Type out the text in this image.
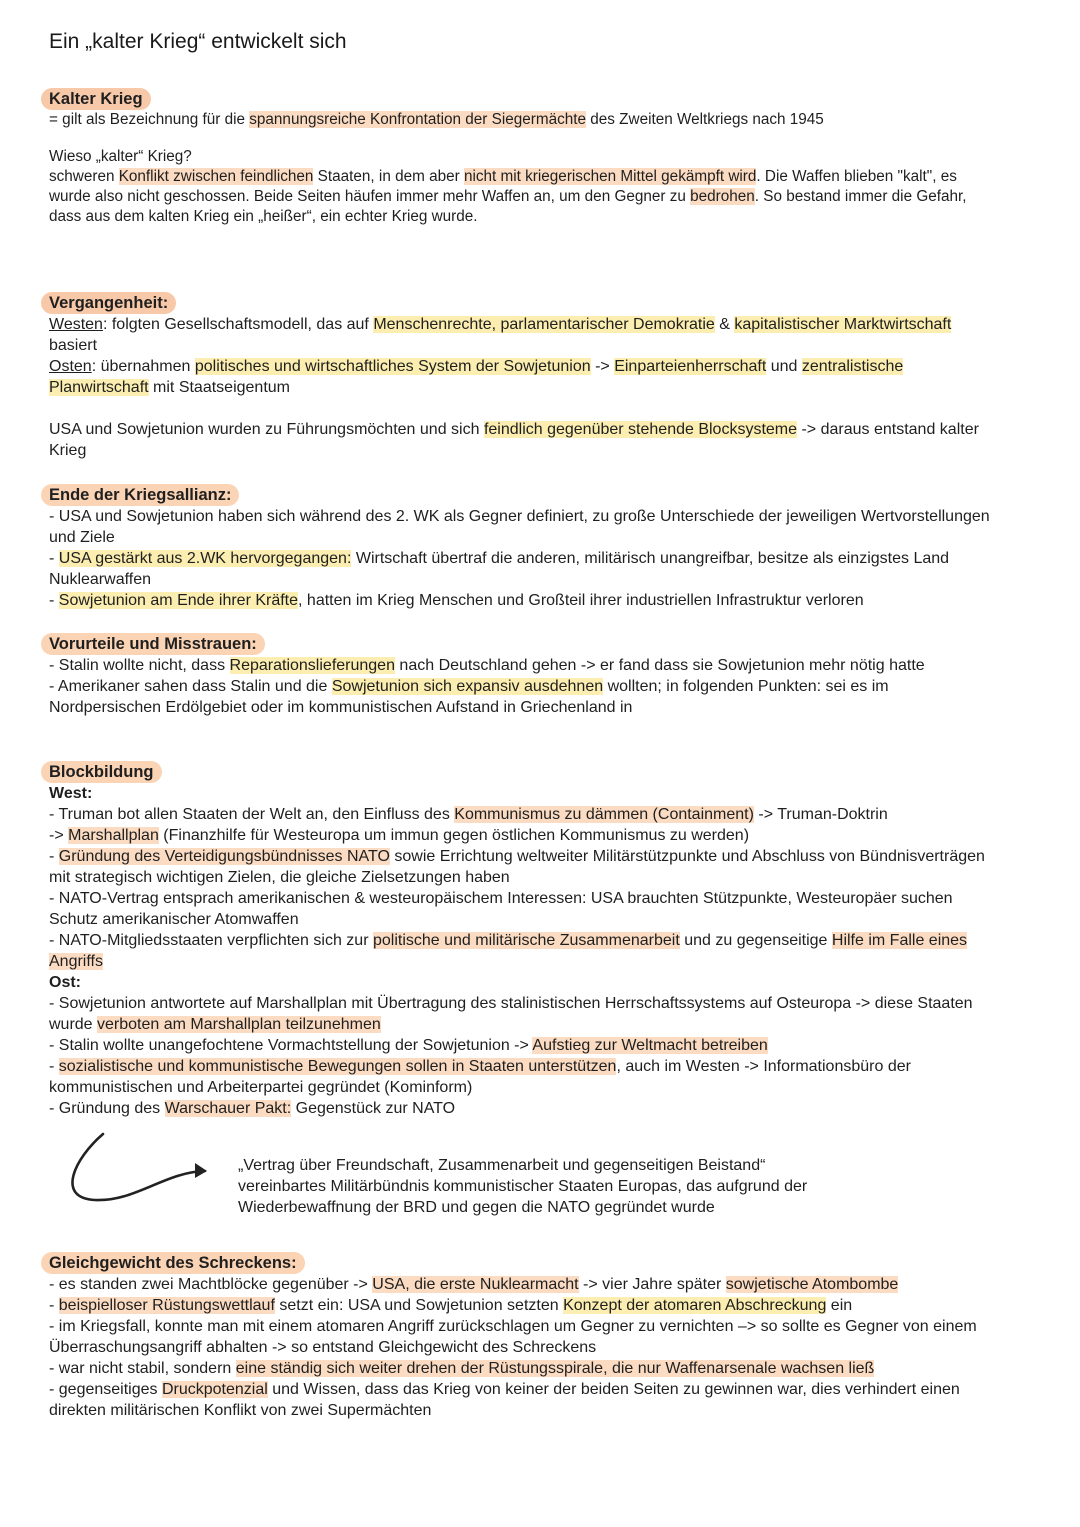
Ein „kalter Krieg“ entwickelt sich
Kalter Krieg

= gilt als Bezeichnung für die spannungsreiche Konfrontation der Siegermächte des Zweiten Weltkriegs nach 1945

Wieso „kalter“ Krieg?

schweren Konflikt zwischen feindlichen Staaten, in dem aber nicht mit kriegerischen Mittel gekämpft wird. Die Waffen blieben "kalt", es wurde also nicht geschossen. Beide Seiten häufen immer mehr Waffen an, um den Gegner zu bedrohen. So bestand immer die Gefahr, dass aus dem kalten Krieg ein „heißer“, ein echter Krieg wurde.

Vergangenheit:

Westen: folgten Gesellschaftsmodell, das auf Menschenrechte, parlamentarischer Demokratie & kapitalistischer Marktwirtschaft basiert

Osten: übernahmen politisches und wirtschaftliches System der Sowjetunion -> Einparteienherrschaft und zentralistische Planwirtschaft mit Staatseigentum

USA und Sowjetunion wurden zu Führungsmöchten und sich feindlich gegenüber stehende Blocksysteme -> daraus entstand kalter Krieg

Ende der Kriegsallianz:

- USA und Sowjetunion haben sich während des 2. WK als Gegner definiert, zu große Unterschiede der jeweiligen Wertvorstellungen und Ziele

- USA gestärkt aus 2.WK hervorgegangen: Wirtschaft übertraf die anderen, militärisch unangreifbar, besitze als einzigstes Land Nuklearwaffen

- Sowjetunion am Ende ihrer Kräfte, hatten im Krieg Menschen und Großteil ihrer industriellen Infrastruktur verloren

Vorurteile und Misstrauen:

- Stalin wollte nicht, dass Reparationslieferungen nach Deutschland gehen -> er fand dass sie Sowjetunion mehr nötig hatte

- Amerikaner sahen dass Stalin und die Sowjetunion sich expansiv ausdehnen wollten; in folgenden Punkten: sei es im Nordpersischen Erdölgebiet oder im kommunistischen Aufstand in Griechenland in

Blockbildung

West:

- Truman bot allen Staaten der Welt an, den Einfluss des Kommunismus zu dämmen (Containment) -> Truman-Doktrin

-> Marshallplan (Finanzhilfe für Westeuropa um immun gegen östlichen Kommunismus zu werden)

- Gründung des Verteidigungsbündnisses NATO sowie Errichtung weltweiter Militärstützpunkte und Abschluss von Bündnisverträgen mit strategisch wichtigen Zielen, die gleiche Zielsetzungen haben

- NATO-Vertrag entsprach amerikanischen & westeuropäischem Interessen: USA brauchten Stützpunkte, Westeuropäer suchen Schutz amerikanischer Atomwaffen

- NATO-Mitgliedsstaaten verpflichten sich zur politische und militärische Zusammenarbeit und zu gegenseitige Hilfe im Falle eines Angriffs

Ost:

- Sowjetunion antwortete auf Marshallplan mit Übertragung des stalinistischen Herrschaftssystems auf Osteuropa -> diese Staaten wurde verboten am Marshallplan teilzunehmen

- Stalin wollte unangefochtene Vormachtstellung der Sowjetunion -> Aufstieg zur Weltmacht betreiben

- sozialistische und kommunistische Bewegungen sollen in Staaten unterstützen, auch im Westen -> Informationsbüro der kommunistischen und Arbeiterpartei gegründet (Kominform)

- Gründung des Warschauer Pakt: Gegenstück zur NATO

„Vertrag über Freundschaft, Zusammenarbeit und gegenseitigen Beistand“

vereinbartes Militärbündnis kommunistischer Staaten Europas, das aufgrund der

Wiederbewaffnung der BRD und gegen die NATO gegründet wurde

Gleichgewicht des Schreckens:

- es standen zwei Machtblöcke gegenüber -> USA, die erste Nuklearmacht -> vier Jahre später sowjetische Atombombe

- beispielloser Rüstungswettlauf setzt ein: USA und Sowjetunion setzten Konzept der atomaren Abschreckung ein

- im Kriegsfall, konnte man mit einem atomaren Angriff zurückschlagen um Gegner zu vernichten –> so sollte es Gegner von einem Überraschungsangriff abhalten -> so entstand Gleichgewicht des Schreckens

- war nicht stabil, sondern eine ständig sich weiter drehen der Rüstungsspirale, die nur Waffenarsenale wachsen ließ

- gegenseitiges Druckpotenzial und Wissen, dass das Krieg von keiner der beiden Seiten zu gewinnen war, dies verhindert einen direkten militärischen Konflikt von zwei Supermächten
